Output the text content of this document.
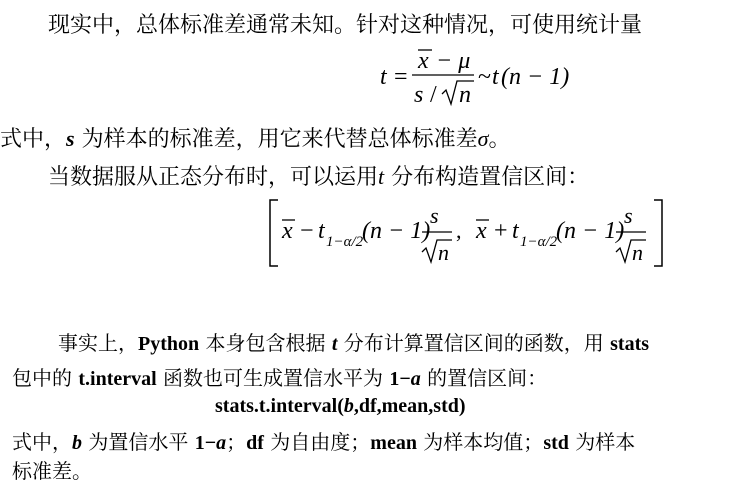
现实中，总体标准差通常未知。针对这种情况，可使用统计量
t =
x − μ
s / n
~ t (n − 1)
式中，s 为样本的标准差，用它来代替总体标准差σ。
当数据服从正态分布时，可以运用t 分布构造置信区间：
x − t 1−α/2
(n − 1)
s
n
, x + t 1−α/2
(n − 1)
s
n
事实上，Python 本身包含根据 t 分布计算置信区间的函数，用 stats
包中的 t.interval 函数也可生成置信水平为 1−a 的置信区间：
stats.t.interval(b,df,mean,std)
式中，b 为置信水平 1−a；df 为自由度；mean 为样本均值；std 为样本
标准差。
